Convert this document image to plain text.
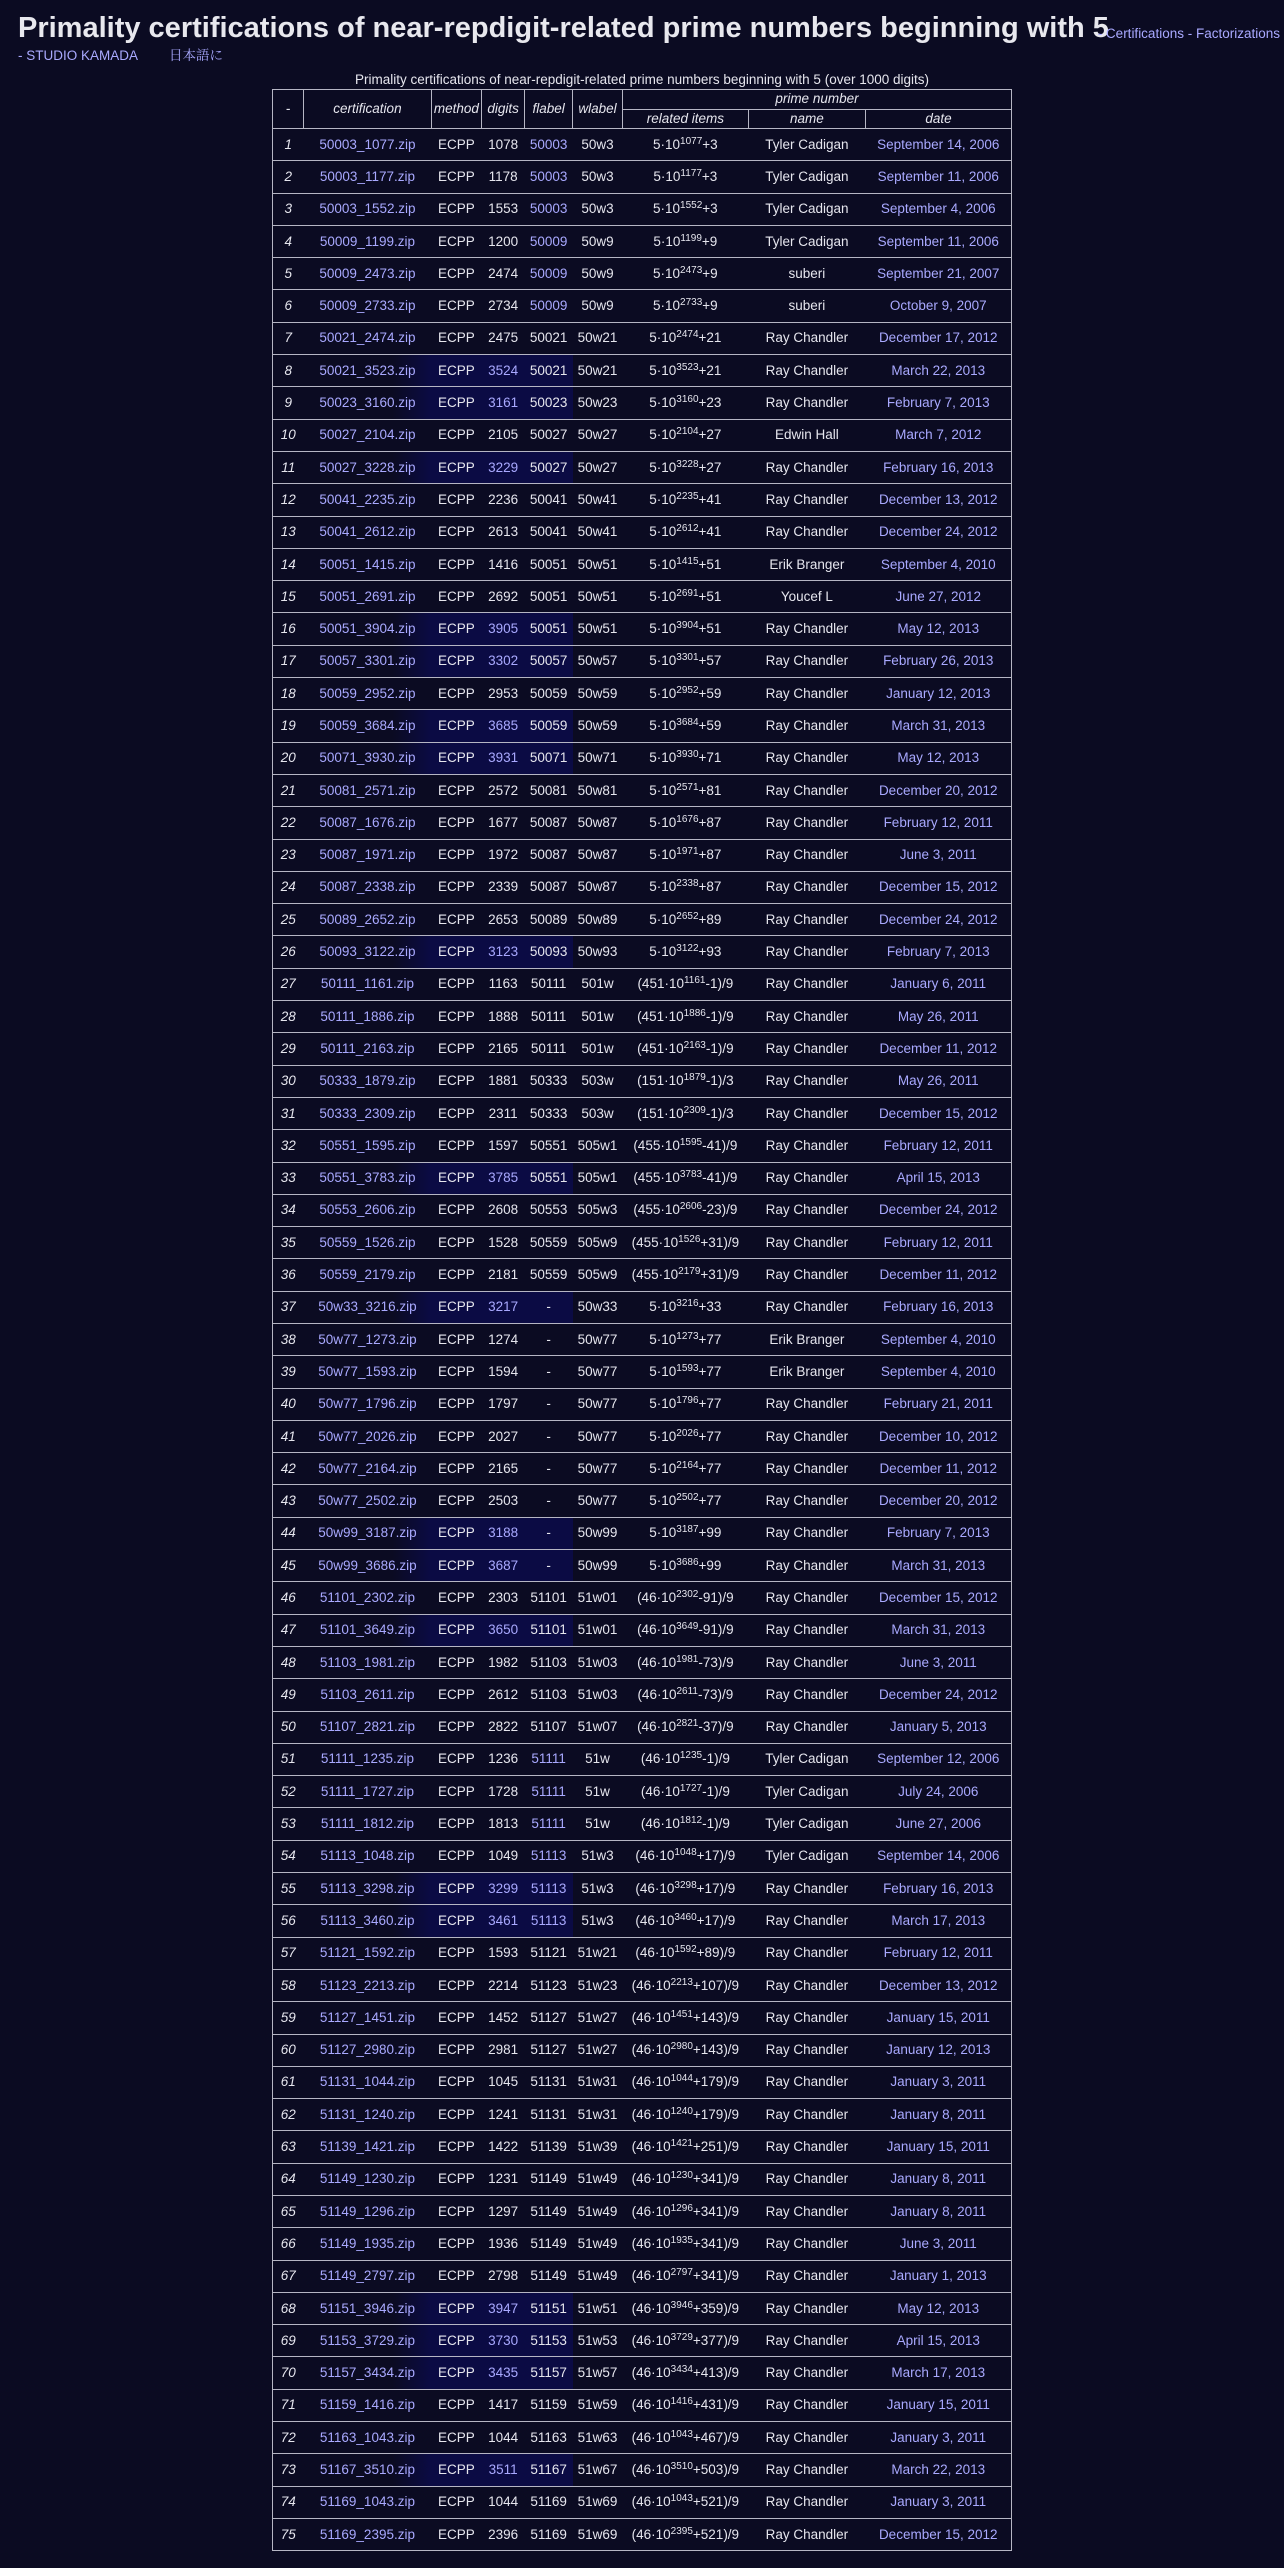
Primality certifications of near-repdigit-related prime numbers beginning with 5
- Certifications - Factorizations
- STUDIO KAMADA 日本語に
Primality certifications of near-repdigit-related prime numbers beginning with 5 (over 1000 digits)
-	certification	method	digits	flabel	wlabel	prime number		
						related items	name	date
1	50003_1077.zip	ECPP	1078	50003	50w3	$5\cdot 10^{1077}+3$	Tyler Cadigan	September 14, 2006
2	50003_1177.zip	ECPP	1178	50003	50w3	$5\cdot 10^{1177}+3$	Tyler Cadigan	September 11, 2006
3	50003_1552.zip	ECPP	1553	50003	50w3	$5\cdot 10^{1552}+3$	Tyler Cadigan	September 4, 2006
4	50009_1199.zip	ECPP	1200	50009	50w9	$5\cdot 10^{1199}+9$	Tyler Cadigan	September 11, 2006
5	50009_2473.zip	ECPP	2474	50009	50w9	$5\cdot 10^{2473}+9$	suberi	September 21, 2007
6	50009_2733.zip	ECPP	2734	50009	50w9	$5\cdot 10^{2733}+9$	suberi	October 9, 2007
7	50021_2474.zip	ECPP	2475	50021	50w21	$5\cdot 10^{2474}+21$	Ray Chandler	December 17, 2012
8	50021_3523.zip	ECPP	3524	50021	50w21	$5\cdot 10^{3523}+21$	Ray Chandler	March 22, 2013
9	50023_3160.zip	ECPP	3161	50023	50w23	$5\cdot 10^{3160}+23$	Ray Chandler	February 7, 2013
10	50027_2104.zip	ECPP	2105	50027	50w27	$5\cdot 10^{2104}+27$	Edwin Hall	March 7, 2012
11	50027_3228.zip	ECPP	3229	50027	50w27	$5\cdot 10^{3228}+27$	Ray Chandler	February 16, 2013
12	50041_2235.zip	ECPP	2236	50041	50w41	$5\cdot 10^{2235}+41$	Ray Chandler	December 13, 2012
13	50041_2612.zip	ECPP	2613	50041	50w41	$5\cdot 10^{2612}+41$	Ray Chandler	December 24, 2012
14	50051_1415.zip	ECPP	1416	50051	50w51	$5\cdot 10^{1415}+51$	Erik Branger	September 4, 2010
15	50051_2691.zip	ECPP	2692	50051	50w51	$5\cdot 10^{2691}+51$	Youcef L	June 27, 2012
16	50051_3904.zip	ECPP	3905	50051	50w51	$5\cdot 10^{3904}+51$	Ray Chandler	May 12, 2013
17	50057_3301.zip	ECPP	3302	50057	50w57	$5\cdot 10^{3301}+57$	Ray Chandler	February 26, 2013
18	50059_2952.zip	ECPP	2953	50059	50w59	$5\cdot 10^{2952}+59$	Ray Chandler	January 12, 2013
19	50059_3684.zip	ECPP	3685	50059	50w59	$5\cdot 10^{3684}+59$	Ray Chandler	March 31, 2013
20	50071_3930.zip	ECPP	3931	50071	50w71	$5\cdot 10^{3930}+71$	Ray Chandler	May 12, 2013
21	50081_2571.zip	ECPP	2572	50081	50w81	$5\cdot 10^{2571}+81$	Ray Chandler	December 20, 2012
22	50087_1676.zip	ECPP	1677	50087	50w87	$5\cdot 10^{1676}+87$	Ray Chandler	February 12, 2011
23	50087_1971.zip	ECPP	1972	50087	50w87	$5\cdot 10^{1971}+87$	Ray Chandler	June 3, 2011
24	50087_2338.zip	ECPP	2339	50087	50w87	$5\cdot 10^{2338}+87$	Ray Chandler	December 15, 2012
25	50089_2652.zip	ECPP	2653	50089	50w89	$5\cdot 10^{2652}+89$	Ray Chandler	December 24, 2012
26	50093_3122.zip	ECPP	3123	50093	50w93	$5\cdot 10^{3122}+93$	Ray Chandler	February 7, 2013
27	50111_1161.zip	ECPP	1163	50111	501w	$(451\cdot 10^{1161}-1)/9$	Ray Chandler	January 6, 2011
28	50111_1886.zip	ECPP	1888	50111	501w	$(451\cdot 10^{1886}-1)/9$	Ray Chandler	May 26, 2011
29	50111_2163.zip	ECPP	2165	50111	501w	$(451\cdot 10^{2163}-1)/9$	Ray Chandler	December 11, 2012
30	50333_1879.zip	ECPP	1881	50333	503w	$(151\cdot 10^{1879}-1)/3$	Ray Chandler	May 26, 2011
31	50333_2309.zip	ECPP	2311	50333	503w	$(151\cdot 10^{2309}-1)/3$	Ray Chandler	December 15, 2012
32	50551_1595.zip	ECPP	1597	50551	505w1	$(455\cdot 10^{1595}-41)/9$	Ray Chandler	February 12, 2011
33	50551_3783.zip	ECPP	3785	50551	505w1	$(455\cdot 10^{3783}-41)/9$	Ray Chandler	April 15, 2013
34	50553_2606.zip	ECPP	2608	50553	505w3	$(455\cdot 10^{2606}-23)/9$	Ray Chandler	December 24, 2012
35	50559_1526.zip	ECPP	1528	50559	505w9	$(455\cdot 10^{1526}+31)/9$	Ray Chandler	February 12, 2011
36	50559_2179.zip	ECPP	2181	50559	505w9	$(455\cdot 10^{2179}+31)/9$	Ray Chandler	December 11, 2012
37	50w33_3216.zip	ECPP	3217	-	50w33	$5\cdot 10^{3216}+33$	Ray Chandler	February 16, 2013
38	50w77_1273.zip	ECPP	1274	-	50w77	$5\cdot 10^{1273}+77$	Erik Branger	September 4, 2010
39	50w77_1593.zip	ECPP	1594	-	50w77	$5\cdot 10^{1593}+77$	Erik Branger	September 4, 2010
40	50w77_1796.zip	ECPP	1797	-	50w77	$5\cdot 10^{1796}+77$	Ray Chandler	February 21, 2011
41	50w77_2026.zip	ECPP	2027	-	50w77	$5\cdot 10^{2026}+77$	Ray Chandler	December 10, 2012
42	50w77_2164.zip	ECPP	2165	-	50w77	$5\cdot 10^{2164}+77$	Ray Chandler	December 11, 2012
43	50w77_2502.zip	ECPP	2503	-	50w77	$5\cdot 10^{2502}+77$	Ray Chandler	December 20, 2012
44	50w99_3187.zip	ECPP	3188	-	50w99	$5\cdot 10^{3187}+99$	Ray Chandler	February 7, 2013
45	50w99_3686.zip	ECPP	3687	-	50w99	$5\cdot 10^{3686}+99$	Ray Chandler	March 31, 2013
46	51101_2302.zip	ECPP	2303	51101	51w01	$(46\cdot 10^{2302}-91)/9$	Ray Chandler	December 15, 2012
47	51101_3649.zip	ECPP	3650	51101	51w01	$(46\cdot 10^{3649}-91)/9$	Ray Chandler	March 31, 2013
48	51103_1981.zip	ECPP	1982	51103	51w03	$(46\cdot 10^{1981}-73)/9$	Ray Chandler	June 3, 2011
49	51103_2611.zip	ECPP	2612	51103	51w03	$(46\cdot 10^{2611}-73)/9$	Ray Chandler	December 24, 2012
50	51107_2821.zip	ECPP	2822	51107	51w07	$(46\cdot 10^{2821}-37)/9$	Ray Chandler	January 5, 2013
51	51111_1235.zip	ECPP	1236	51111	51w	$(46\cdot 10^{1235}-1)/9$	Tyler Cadigan	September 12, 2006
52	51111_1727.zip	ECPP	1728	51111	51w	$(46\cdot 10^{1727}-1)/9$	Tyler Cadigan	July 24, 2006
53	51111_1812.zip	ECPP	1813	51111	51w	$(46\cdot 10^{1812}-1)/9$	Tyler Cadigan	June 27, 2006
54	51113_1048.zip	ECPP	1049	51113	51w3	$(46\cdot 10^{1048}+17)/9$	Tyler Cadigan	September 14, 2006
55	51113_3298.zip	ECPP	3299	51113	51w3	$(46\cdot 10^{3298}+17)/9$	Ray Chandler	February 16, 2013
56	51113_3460.zip	ECPP	3461	51113	51w3	$(46\cdot 10^{3460}+17)/9$	Ray Chandler	March 17, 2013
57	51121_1592.zip	ECPP	1593	51121	51w21	$(46\cdot 10^{1592}+89)/9$	Ray Chandler	February 12, 2011
58	51123_2213.zip	ECPP	2214	51123	51w23	$(46\cdot 10^{2213}+107)/9$	Ray Chandler	December 13, 2012
59	51127_1451.zip	ECPP	1452	51127	51w27	$(46\cdot 10^{1451}+143)/9$	Ray Chandler	January 15, 2011
60	51127_2980.zip	ECPP	2981	51127	51w27	$(46\cdot 10^{2980}+143)/9$	Ray Chandler	January 12, 2013
61	51131_1044.zip	ECPP	1045	51131	51w31	$(46\cdot 10^{1044}+179)/9$	Ray Chandler	January 3, 2011
62	51131_1240.zip	ECPP	1241	51131	51w31	$(46\cdot 10^{1240}+179)/9$	Ray Chandler	January 8, 2011
63	51139_1421.zip	ECPP	1422	51139	51w39	$(46\cdot 10^{1421}+251)/9$	Ray Chandler	January 15, 2011
64	51149_1230.zip	ECPP	1231	51149	51w49	$(46\cdot 10^{1230}+341)/9$	Ray Chandler	January 8, 2011
65	51149_1296.zip	ECPP	1297	51149	51w49	$(46\cdot 10^{1296}+341)/9$	Ray Chandler	January 8, 2011
66	51149_1935.zip	ECPP	1936	51149	51w49	$(46\cdot 10^{1935}+341)/9$	Ray Chandler	June 3, 2011
67	51149_2797.zip	ECPP	2798	51149	51w49	$(46\cdot 10^{2797}+341)/9$	Ray Chandler	January 1, 2013
68	51151_3946.zip	ECPP	3947	51151	51w51	$(46\cdot 10^{3946}+359)/9$	Ray Chandler	May 12, 2013
69	51153_3729.zip	ECPP	3730	51153	51w53	$(46\cdot 10^{3729}+377)/9$	Ray Chandler	April 15, 2013
70	51157_3434.zip	ECPP	3435	51157	51w57	$(46\cdot 10^{3434}+413)/9$	Ray Chandler	March 17, 2013
71	51159_1416.zip	ECPP	1417	51159	51w59	$(46\cdot 10^{1416}+431)/9$	Ray Chandler	January 15, 2011
72	51163_1043.zip	ECPP	1044	51163	51w63	$(46\cdot 10^{1043}+467)/9$	Ray Chandler	January 3, 2011
73	51167_3510.zip	ECPP	3511	51167	51w67	$(46\cdot 10^{3510}+503)/9$	Ray Chandler	March 22, 2013
74	51169_1043.zip	ECPP	1044	51169	51w69	$(46\cdot 10^{1043}+521)/9$	Ray Chandler	January 3, 2011
75	51169_2395.zip	ECPP	2396	51169	51w69	$(46\cdot 10^{2395}+521)/9$	Ray Chandler	December 15, 2012
